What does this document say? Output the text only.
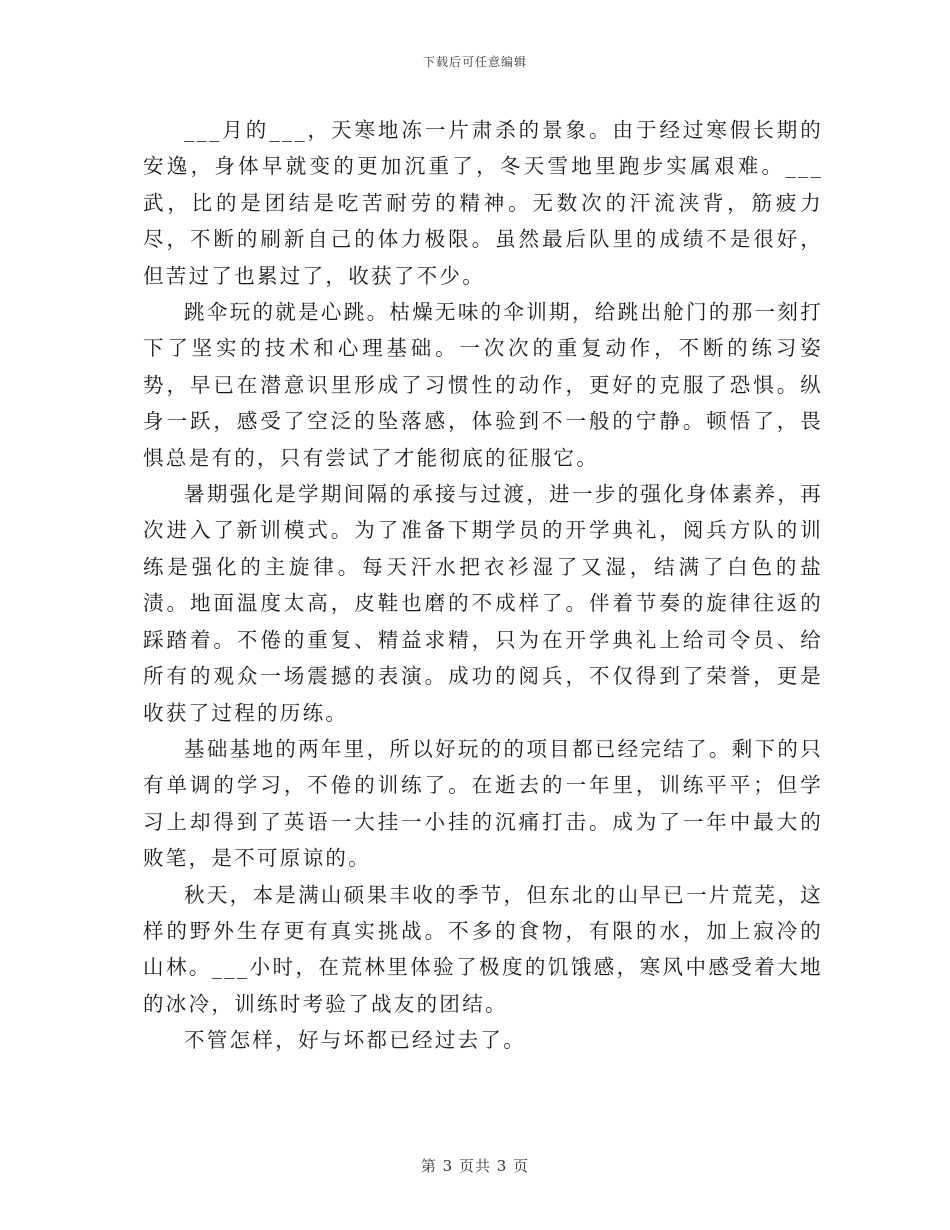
下载后可任意编辑

___月的___，天寒地冻一片肃杀的景象。由于经过寒假长期的安逸，身体早就变的更加沉重了，冬天雪地里跑步实属艰难。___武，比的是团结是吃苦耐劳的精神。无数次的汗流浃背，筋疲力尽，不断的刷新自己的体力极限。虽然最后队里的成绩不是很好，但苦过了也累过了，收获了不少。

跳伞玩的就是心跳。枯燥无味的伞训期，给跳出舱门的那一刻打下了坚实的技术和心理基础。一次次的重复动作，不断的练习姿势，早已在潜意识里形成了习惯性的动作，更好的克服了恐惧。纵身一跃，感受了空泛的坠落感，体验到不一般的宁静。顿悟了，畏惧总是有的，只有尝试了才能彻底的征服它。

暑期强化是学期间隔的承接与过渡，进一步的强化身体素养，再次进入了新训模式。为了准备下期学员的开学典礼，阅兵方队的训练是强化的主旋律。每天汗水把衣衫湿了又湿，结满了白色的盐渍。地面温度太高，皮鞋也磨的不成样了。伴着节奏的旋律往返的踩踏着。不倦的重复、精益求精，只为在开学典礼上给司令员、给所有的观众一场震撼的表演。成功的阅兵，不仅得到了荣誉，更是收获了过程的历练。

基础基地的两年里，所以好玩的的项目都已经完结了。剩下的只有单调的学习，不倦的训练了。在逝去的一年里，训练平平；但学习上却得到了英语一大挂一小挂的沉痛打击。成为了一年中最大的败笔，是不可原谅的。

秋天，本是满山硕果丰收的季节，但东北的山早已一片荒芜，这样的野外生存更有真实挑战。不多的食物，有限的水，加上寂冷的山林。___小时，在荒林里体验了极度的饥饿感，寒风中感受着大地的冰冷，训练时考验了战友的团结。

不管怎样，好与坏都已经过去了。

第 3 页共 3 页
